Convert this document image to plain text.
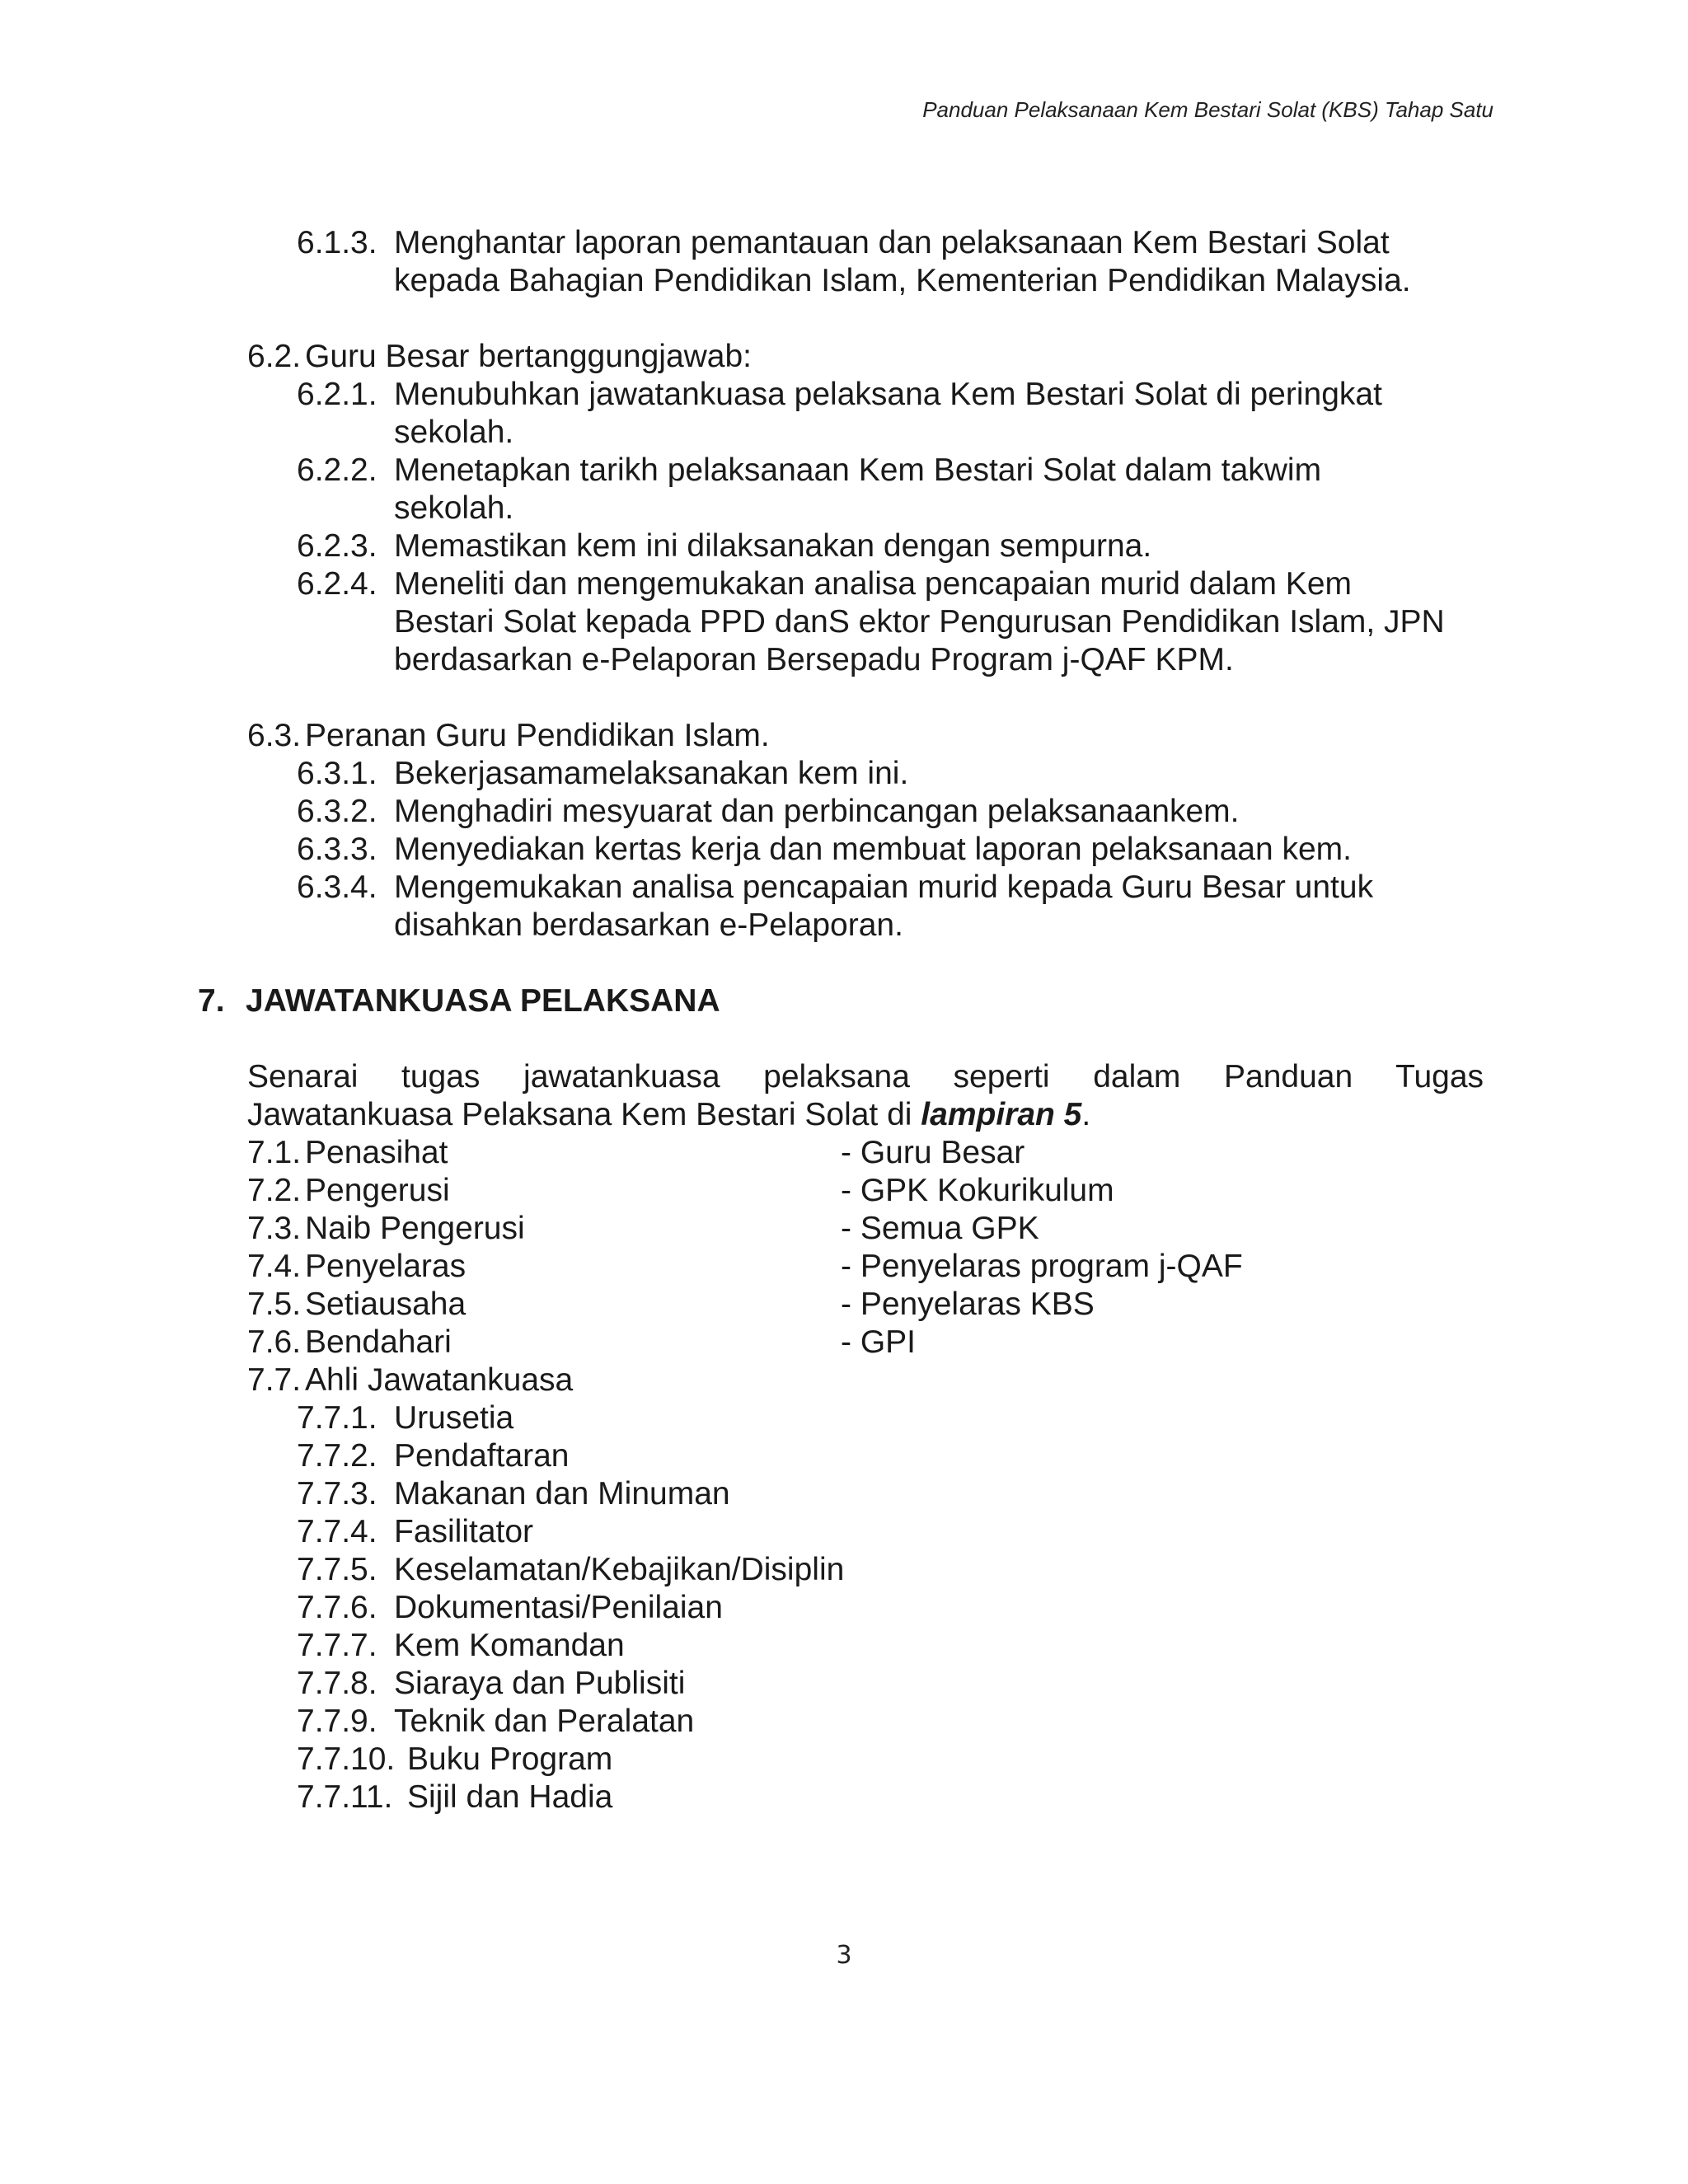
Panduan Pelaksanaan Kem Bestari Solat (KBS) Tahap Satu
6.1.3. Menghantar laporan pemantauan dan pelaksanaan Kem Bestari Solat
kepada Bahagian Pendidikan Islam, Kementerian Pendidikan Malaysia.
6.2. Guru Besar bertanggungjawab:
6.2.1. Menubuhkan jawatankuasa pelaksana Kem Bestari Solat di peringkat
sekolah.
6.2.2. Menetapkan tarikh pelaksanaan Kem Bestari Solat dalam takwim
sekolah.
6.2.3. Memastikan kem ini dilaksanakan dengan sempurna.
6.2.4. Meneliti dan mengemukakan analisa pencapaian murid dalam Kem
Bestari Solat kepada PPD danS ektor Pengurusan Pendidikan Islam, JPN
berdasarkan e-Pelaporan Bersepadu Program j-QAF KPM.
6.3. Peranan Guru Pendidikan Islam.
6.3.1. Bekerjasamamelaksanakan kem ini.
6.3.2. Menghadiri mesyuarat dan perbincangan pelaksanaankem.
6.3.3. Menyediakan kertas kerja dan membuat laporan pelaksanaan kem.
6.3.4. Mengemukakan analisa pencapaian murid kepada Guru Besar untuk
disahkan berdasarkan e-Pelaporan.
7. JAWATANKUASA PELAKSANA
Senarai tugas jawatankuasa pelaksana seperti dalam Panduan Tugas
Jawatankuasa Pelaksana Kem Bestari Solat di lampiran 5.
7.1. Penasihat	- Guru Besar
7.2. Pengerusi	- GPK Kokurikulum
7.3. Naib Pengerusi	- Semua GPK
7.4. Penyelaras	- Penyelaras program j-QAF
7.5. Setiausaha	- Penyelaras KBS
7.6. Bendahari	- GPI
7.7. Ahli Jawatankuasa
7.7.1. Urusetia
7.7.2. Pendaftaran
7.7.3. Makanan dan Minuman
7.7.4. Fasilitator
7.7.5. Keselamatan/Kebajikan/Disiplin
7.7.6. Dokumentasi/Penilaian
7.7.7. Kem Komandan
7.7.8. Siaraya dan Publisiti
7.7.9. Teknik dan Peralatan
7.7.10. Buku Program
7.7.11. Sijil dan Hadia
3
